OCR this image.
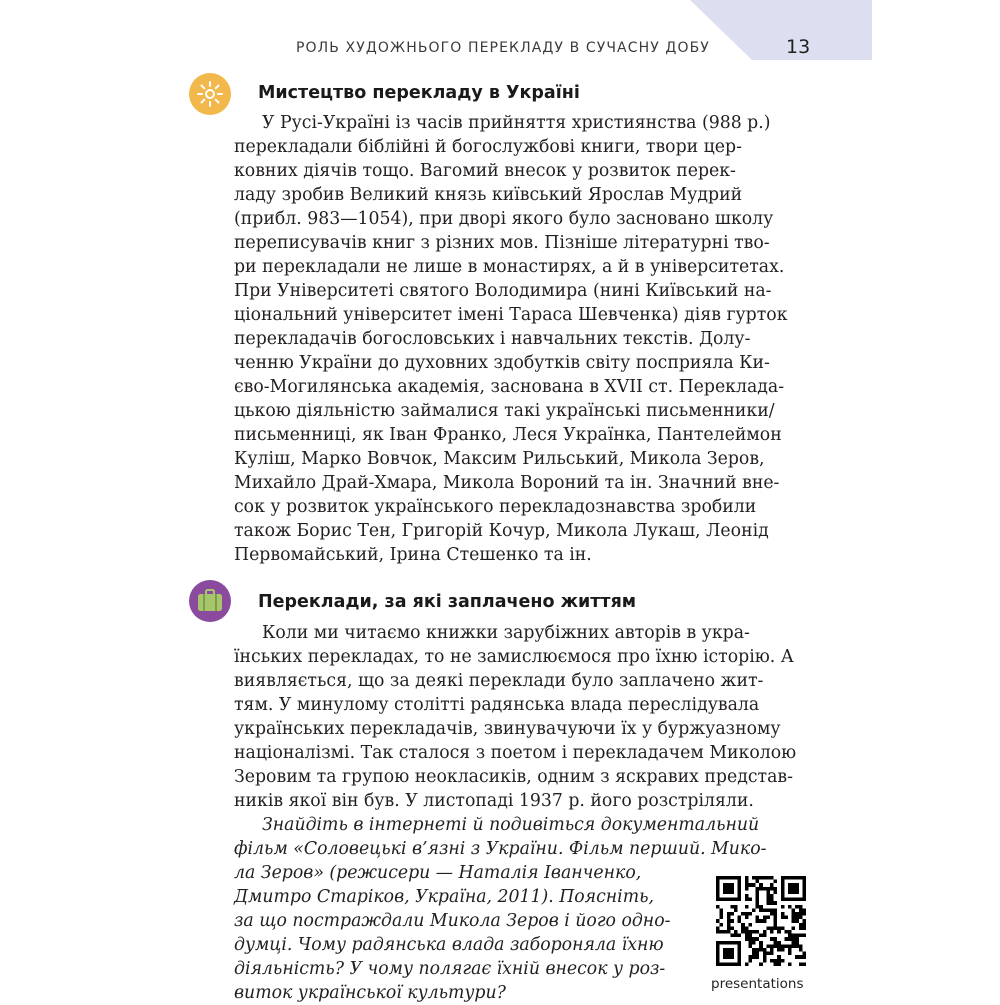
РОЛЬ ХУДОЖНЬОГО ПЕРЕКЛАДУ В СУЧАСНУ ДОБУ	13
Мистецтво перекладу в Україні
У Русі-Україні із часів прийняття християнства (988 р.)
перекладали біблійні й богослужбові книги, твори цер-
ковних діячів тощо. Вагомий внесок у розвиток перек-
ладу зробив Великий князь київський Ярослав Мудрий
(прибл. 983—1054), при дворі якого було засновано школу
переписувачів книг з різних мов. Пізніше літературні тво-
ри перекладали не лише в монастирях, а й в університетах.
При Університеті святого Володимира (нині Київський на-
ціональний університет імені Тараса Шевченка) діяв гурток
перекладачів богословських і навчальних текстів. Долу-
ченню України до духовних здобутків світу посприяла Ки-
єво-Могилянська академія, заснована в XVII ст. Переклада-
цькою діяльністю займалися такі українські письменники/
письменниці, як Іван Франко, Леся Українка, Пантелеймон
Куліш, Марко Вовчок, Максим Рильський, Микола Зеров,
Михайло Драй-Хмара, Микола Вороний та ін. Значний вне-
сок у розвиток українського перекладознавства зробили
також Борис Тен, Григорій Кочур, Микола Лукаш, Леонід
Первомайський, Ірина Стешенко та ін.
Переклади, за які заплачено життям
Коли ми читаємо книжки зарубіжних авторів в укра-
їнських перекладах, то не замислюємося про їхню історію. А
виявляється, що за деякі переклади було заплачено жит-
тям. У минулому столітті радянська влада переслідувала
українських перекладачів, звинувачуючи їх у буржуазному
націоналізмі. Так сталося з поетом і перекладачем Миколою
Зеровим та групою неокласиків, одним з яскравих представ-
ників якої він був. У листопаді 1937 р. його розстріляли.
Знайдіть в інтернеті й подивіться документальний
фільм «Соловецькі в’язні з України. Фільм перший. Мико-
ла Зеров» (режисери — Наталія Іванченко,
Дмитро Старіков, Україна, 2011). Поясніть,
за що постраждали Микола Зеров і його одно-
думці. Чому радянська влада забороняла їхню
діяльність? У чому полягає їхній внесок у роз-
виток української культури?	presentations
